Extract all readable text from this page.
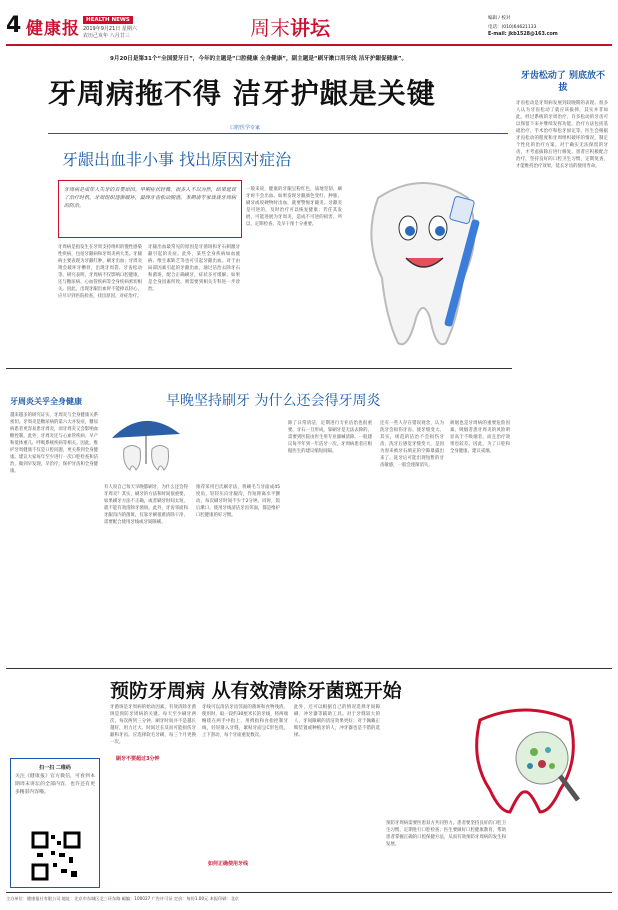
4 健康报	HEALTH NEWS
2019年9月21日 星期六
农历己亥年 八月廿三	周末讲坛	编辑 / 校对
电话：(010)64621133
E-mail: jkb1528@163.com
9月20日是第31个“全国爱牙日”，今年的主题是“口腔健康 全身健康”，副主题是“刷牙漱口用牙线 洁牙护龈促健康”。
牙周病拖不得 洁牙护龈是关键
口腔医学专家
牙龈出血非小事 找出原因对症治
牙周病是成年人失牙的首要原因。早期症状轻微，很多人不以为然，结果延误了治疗时机，牙周组织逐渐破坏，最终牙齿松动脱落。本期请专家谈谈牙周病的防治。
牙周病是指发生在牙周支持组织的慢性感染性疾病，包括牙龈病和牙周炎两大类。牙龈病主要表现为牙龈红肿、刷牙出血；牙周炎则会破坏牙槽骨，出现牙周袋、牙齿松动等。研究表明，牙周病不仅影响口腔健康，还与糖尿病、心血管疾病等全身疾病密切相关。因此，出现牙龈出血时不能掉以轻心，应尽早到医院检查，找出原因，对症治疗。
牙龈出血最常见的原因是牙菌斑和牙石刺激牙龈引起的炎症。此外，某些全身疾病如血液病、维生素缺乏等也可引起牙龈出血。对于由局部因素引起的牙龈出血，通过洁治去除牙石和菌斑，配合正确刷牙，症状多可缓解；如果是全身因素所致，则需要到相关专科进一步诊治。
一般来说，健康的牙龈呈粉红色，质地坚韧，刷牙时不会出血。如果发现牙龈颜色变红、肿胀，刷牙或咬硬物时出血，就要警惕牙龈炎。牙龈炎是可逆的，及时治疗可以恢复健康；若任其发展，可能进展为牙周炎，造成不可逆的损害。所以，定期检查、及早干预十分重要。
牙齿松动了 别底放不拔
牙齿松动是牙周病发展到较晚期的表现。很多人认为牙齿松动了就应该拔掉，其实并非如此。经过系统的牙周治疗，许多松动的牙齿可以保留下来并继续发挥功能。治疗方法包括基础治疗、手术治疗和松牙固定等。医生会根据牙齿松动的程度和牙周组织破坏的情况，制定个性化的治疗方案。对于确实无法保留的牙齿，才考虑拔除后进行修复。患者应积极配合治疗，坚持良好的口腔卫生习惯，定期复查，才能维持治疗效果，延长牙齿的使用寿命。
牙周炎关乎全身健康
越来越多的研究证实，牙周炎与全身健康关系密切。牙周炎是糖尿病的第六大并发症，糖尿病患者更容易患牙周炎，而牙周炎又会影响血糖控制。此外，牙周炎还与心血管疾病、早产和低体重儿、呼吸系统疾病等相关。因此，维护牙周健康不仅是口腔问题，更关系到全身健康。建议大家每年至少进行一次口腔检查和洁治，做到早发现、早治疗，保护牙齿和全身健康。
早晚坚持刷牙 为什么还会得牙周炎
有人说自己每天早晚都刷牙，为什么还会得牙周炎？其实，刷牙的方法和时间很重要。如果刷牙方法不正确，或者刷牙时间太短，就不能有效清除牙菌斑。此外，牙齿邻面和牙龈沟内的菌斑，仅靠牙刷很难清除干净，需要配合使用牙线或牙间隙刷。
推荐采用巴氏刷牙法，将刷毛与牙面成45度角，轻轻压向牙龈沟，作短距离水平颤动，每次刷牙时间不少于2分钟。同时，饭后漱口、使用牙线清洁牙齿邻面，都是维护口腔健康的好习惯。
除了日常清洁，定期进行专业洁治也很重要。牙石一旦形成，靠刷牙是无法去除的，需要到医院由医生用专业器械清除。一般建议每半年到一年洁牙一次，牙周病患者应根据医生的建议缩短间隔。
还有一些人存在错误观念，认为洗牙会损伤牙齿、使牙缝变大。其实，规范的洁治不会损伤牙齿，洗牙后感觉牙缝变大，是因为原来被牙石填充的空隙暴露出来了。洗牙后可能出现短暂的牙齿敏感，一般会逐渐消失。
吸烟也是牙周病的重要危险因素。吸烟者患牙周炎的风险明显高于不吸烟者，而且治疗效果也较差。因此，为了口腔和全身健康，建议戒烟。
预防牙周病 从有效清除牙菌斑开始
牙菌斑是牙周病的始动因素，有效清除牙菌斑是预防牙周病的关键。每天至少刷牙两次，每次两到三分钟。刷牙时间并不是越长越好，用力过大、时间过长反而可能损伤牙龈和牙齿。应选择软毛牙刷，每三个月更换一次。
刷牙不要超过3分钟
牙线可以清洁牙齿邻面的菌斑和食物残渣。使用时，取一段约30厘米长的牙线，将两端缠绕在两手中指上，用拇指和食指控制牙线，轻轻滑入牙缝，紧贴牙面呈C形包绕，上下刮动，每个牙面重复数次。
如何正确使用牙线
此外，还可以根据自己的情况选择牙间隙刷、冲牙器等辅助工具。对于牙缝较大的人，牙间隙刷的清洁效果更好；对于佩戴正畸装置或种植牙的人，冲牙器也是不错的选择。
预防牙周病需要医患双方共同努力。患者要坚持良好的口腔卫生习惯，定期进行口腔检查；医生要做好口腔健康教育，帮助患者掌握正确的口腔保健方法，从而有效预防牙周病的发生和发展。
扫一扫 二维码
关注《健康报》官方微信，可看到本期周末讲坛的全部内容，也许还有更多精彩内容哦。
主办单位：健康报社有限公司 地址：北京市东城区北三环东路 邮编：100027 广告许可证 定价：每份1.00元 本报印刷：北京
